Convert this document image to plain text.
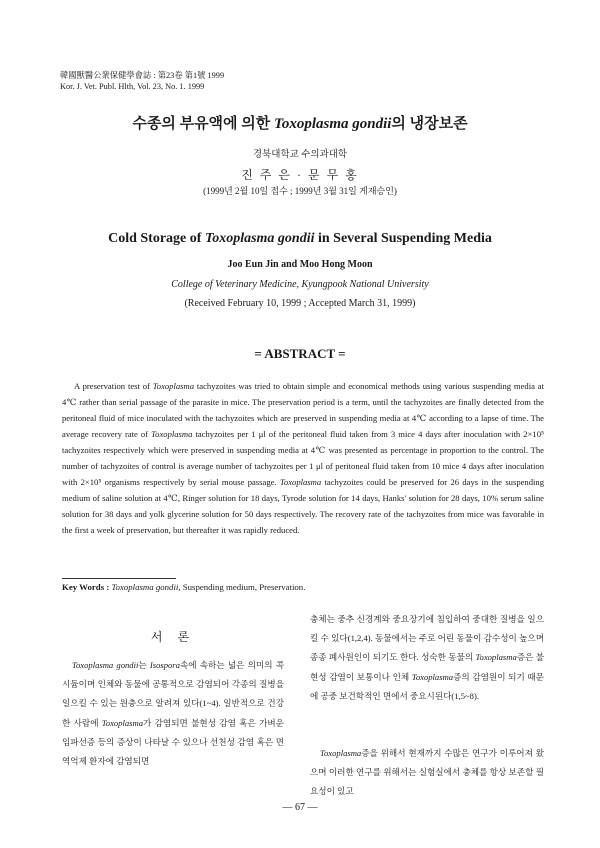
韓國獸醫公衆保健學會誌 : 第23卷 第1號 1999
Kor. J. Vet. Publ. Hlth, Vol. 23, No. 1. 1999
수종의 부유액에 의한 Toxoplasma gondii의 냉장보존
경북대학교 수의과대학
진 주 은 · 문 무 홍
(1999년 2월 10일 접수 ; 1999년 3월 31일 게재승인)
Cold Storage of Toxoplasma gondii in Several Suspending Media
Joo Eun Jin and Moo Hong Moon
College of Veterinary Medicine, Kyungpook National University
(Received February 10, 1999 ; Accepted March 31, 1999)
= ABSTRACT =

A preservation test of Toxoplasma tachyzoites was tried to obtain simple and economical methods using various suspending media at 4℃ rather than serial passage of the parasite in mice. The preservation period is a term, until the tachyzoites are finally detected from the peritoneal fluid of mice inoculated with the tachyzoites which are preserved in suspending media at 4℃ according to a lapse of time. The average recovery rate of Toxoplasma tachyzoites per 1 μl of the peritoneal fluid taken from 3 mice 4 days after inoculation with 2×10⁵ tachyzoites respectively which were preserved in suspending media at 4℃ was presented as percentage in proportion to the control. The number of tachyzoites of control is average number of tachyzoites per 1 μl of peritoneal fluid taken from 10 mice 4 days after inoculation with 2×10⁵ organisms respectively by serial mouse passage. Toxoplasma tachyzoites could be preserved for 26 days in the suspending medium of saline solution at 4℃, Ringer solution for 18 days, Tyrode solution for 14 days, Hanks' solution for 28 days, 10% serum saline solution for 38 days and yolk glycerine solution for 50 days respectively. The recovery rate of the tachyzoites from mice was favorable in the first a week of preservation, but thereafter it was rapidly reduced.

Key Words : Toxoplasma gondii, Suspending medium, Preservation.
서 론

Toxoplasma gondii는 Isospora속에 속하는 넓은 의미의 콕시듐이며 인체와 동물에 공통적으로 감염되어 각종의 질병을 일으킬 수 있는 원충으로 알려져 있다(1~4). 일반적으로 건강한 사람에 Toxoplasma가 감염되면 불현성 감염 혹은 가벼운 임파선증 등의 증상이 나타날 수 있으나 선천성 감염 혹은 면역억제 환자에 감염되면

충체는 중추 신경계와 중요장기에 침입하여 중대한 질병을 일으킬 수 있다(1,2,4). 동물에서는 주로 어린 동물이 감수성이 높으며 종종 폐사원인이 되기도 한다. 성숙한 동물의 Toxoplasma증은 불현성 감염이 보통이나 인체 Toxoplasma증의 감염원이 되기 때문에 공중 보건학적인 면에서 중요시된다(1,5~8).

Toxoplasma증을 위해서 현재까지 수많은 연구가 이루어져 왔으며 이러한 연구를 위해서는 실험실에서 충체를 항상 보존할 필요성이 있고

— 67 —
